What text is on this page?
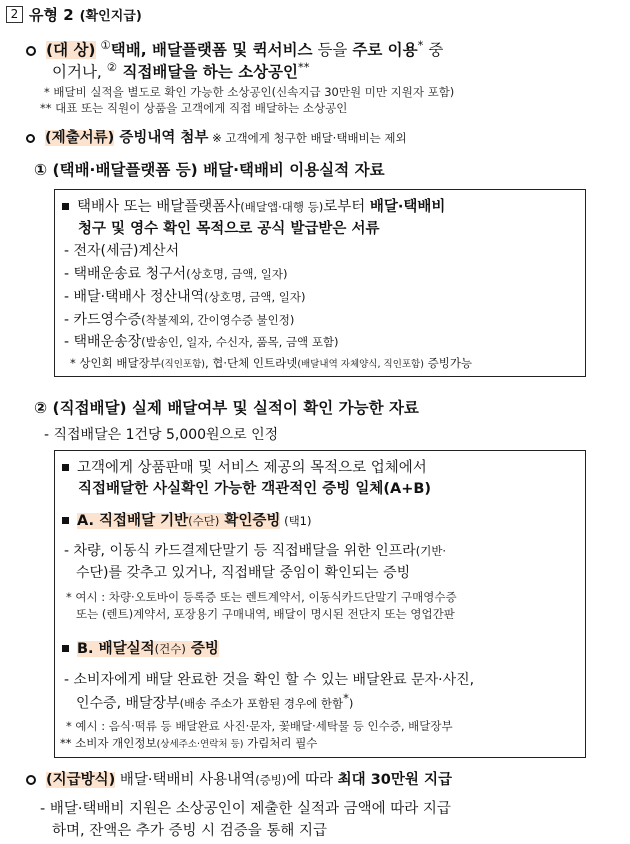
2 유형 2 (확인지급)
(대 상) ①택배, 배달플랫폼 및 퀵서비스 등을 주로 이용* 중
이거나, ② 직접배달을 하는 소상공인**
* 배달비 실적을 별도로 확인 가능한 소상공인(신속지급 30만원 미만 지원자 포함)
** 대표 또는 직원이 상품을 고객에게 직접 배달하는 소상공인
(제출서류) 증빙내역 첨부 ※ 고객에게 청구한 배달·택배비는 제외
① (택배·배달플랫폼 등) 배달·택배비 이용실적 자료
택배사 또는 배달플랫폼사(배달앱·대행 등)로부터 배달·택배비
청구 및 영수 확인 목적으로 공식 발급받은 서류
- 전자(세금)계산서
- 택배운송료 청구서(상호명, 금액, 일자)
- 배달·택배사 정산내역(상호명, 금액, 일자)
- 카드영수증(착불제외, 간이영수증 불인정)
- 택배운송장(발송인, 일자, 수신자, 품목, 금액 포함)
* 상인회 배달장부(직인포함), 협·단체 인트라넷(배달내역 자체양식, 직인포함) 증빙가능
② (직접배달) 실제 배달여부 및 실적이 확인 가능한 자료
- 직접배달은 1건당 5,000원으로 인정
고객에게 상품판매 및 서비스 제공의 목적으로 업체에서
직접배달한 사실확인 가능한 객관적인 증빙 일체(A+B)
A. 직접배달 기반(수단) 확인증빙 (택1)
- 차량, 이동식 카드결제단말기 등 직접배달을 위한 인프라(기반·
수단)를 갖추고 있거나, 직접배달 중임이 확인되는 증빙
* 여시 : 차량·오토바이 등록증 또는 렌트계약서, 이동식카드단말기 구매영수증
또는 (렌트)계약서, 포장용기 구매내역, 배달이 명시된 전단지 또는 영업간판
B. 배달실적(건수) 증빙
- 소비자에게 배달 완료한 것을 확인 할 수 있는 배달완료 문자·사진,
인수증, 배달장부(배송 주소가 포함된 경우에 한함*)
* 예시 : 음식·떡류 등 배달완료 사진·문자, 꽃배달·세탁물 등 인수증, 배달장부
** 소비자 개인정보(상세주소·연락처 등) 가림처리 필수
(지급방식) 배달·택배비 사용내역(증빙)에 따라 최대 30만원 지급
- 배달·택배비 지원은 소상공인이 제출한 실적과 금액에 따라 지급
하며, 잔액은 추가 증빙 시 검증을 통해 지급
